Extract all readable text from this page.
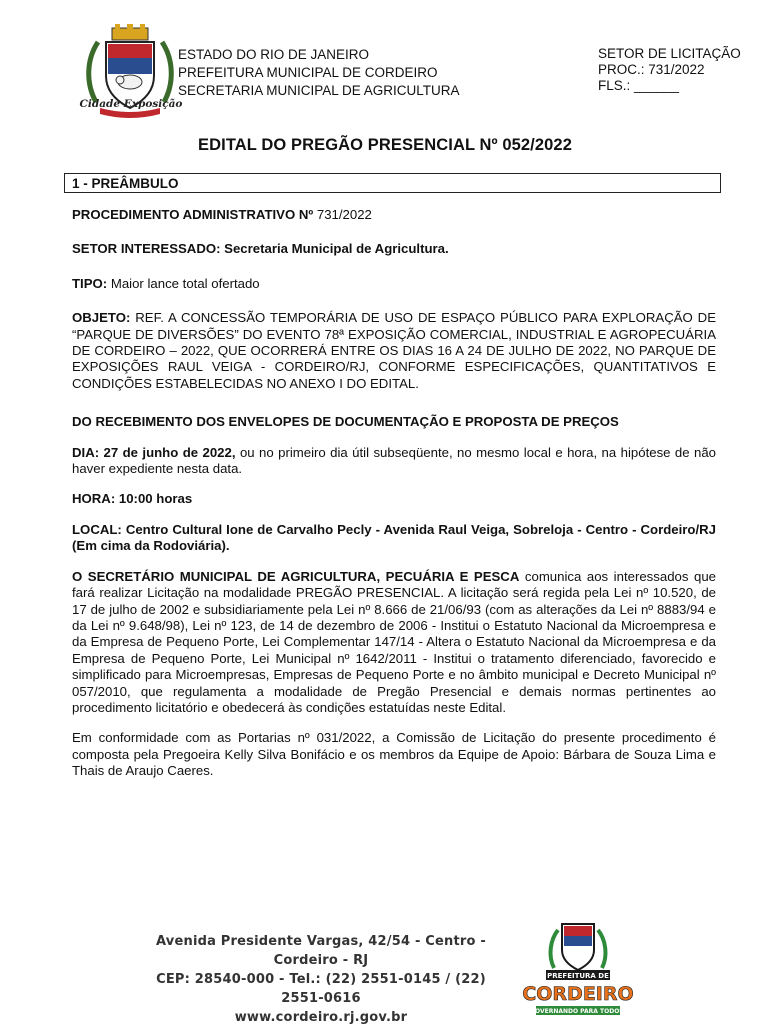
Cidade Exposição
ESTADO DO RIO DE JANEIRO
PREFEITURA MUNICIPAL DE CORDEIRO
SECRETARIA MUNICIPAL DE AGRICULTURA
SETOR DE LICITAÇÃO
PROC.: 731/2022
FLS.: ______
EDITAL DO PREGÃO PRESENCIAL Nº 052/2022
1 - PREÂMBULO

PROCEDIMENTO ADMINISTRATIVO Nº 731/2022

SETOR INTERESSADO: Secretaria Municipal de Agricultura.

TIPO: Maior lance total ofertado

OBJETO: REF. A CONCESSÃO TEMPORÁRIA DE USO DE ESPAÇO PÚBLICO PARA EXPLORAÇÃO DE “PARQUE DE DIVERSÕES” DO EVENTO 78ª EXPOSIÇÃO COMERCIAL, INDUSTRIAL E AGROPECUÁRIA DE CORDEIRO – 2022, QUE OCORRERÁ ENTRE OS DIAS 16 A 24 DE JULHO DE 2022, NO PARQUE DE EXPOSIÇÕES RAUL VEIGA - CORDEIRO/RJ, CONFORME ESPECIFICAÇÕES, QUANTITATIVOS E CONDIÇÕES ESTABELECIDAS NO ANEXO I DO EDITAL.

DO RECEBIMENTO DOS ENVELOPES DE DOCUMENTAÇÃO E PROPOSTA DE PREÇOS

DIA: 27 de junho de 2022, ou no primeiro dia útil subseqüente, no mesmo local e hora, na hipótese de não haver expediente nesta data.

HORA: 10:00 horas

LOCAL: Centro Cultural Ione de Carvalho Pecly - Avenida Raul Veiga, Sobreloja - Centro - Cordeiro/RJ (Em cima da Rodoviária).

O SECRETÁRIO MUNICIPAL DE AGRICULTURA, PECUÁRIA E PESCA comunica aos interessados que fará realizar Licitação na modalidade PREGÃO PRESENCIAL. A licitação será regida pela Lei nº 10.520, de 17 de julho de 2002 e subsidiariamente pela Lei nº 8.666 de 21/06/93 (com as alterações da Lei nº 8883/94 e da Lei nº 9.648/98), Lei nº 123, de 14 de dezembro de 2006 - Institui o Estatuto Nacional da Microempresa e da Empresa de Pequeno Porte, Lei Complementar 147/14 - Altera o Estatuto Nacional da Microempresa e da Empresa de Pequeno Porte, Lei Municipal nº 1642/2011 - Institui o tratamento diferenciado, favorecido e simplificado para Microempresas, Empresas de Pequeno Porte e no âmbito municipal e Decreto Municipal nº 057/2010, que regulamenta a modalidade de Pregão Presencial e demais normas pertinentes ao procedimento licitatório e obedecerá às condições estatuídas neste Edital.

Em conformidade com as Portarias nº 031/2022, a Comissão de Licitação do presente procedimento é composta pela Pregoeira Kelly Silva Bonifácio e os membros da Equipe de Apoio: Bárbara de Souza Lima e Thais de Araujo Caeres.

Avenida Presidente Vargas, 42/54 - Centro - Cordeiro - RJ
CEP: 28540-000 - Tel.: (22) 2551-0145 / (22) 2551-0616
www.cordeiro.rj.gov.br
PREFEITURA DE
CORDEIRO
GOVERNANDO PARA TODOS.
